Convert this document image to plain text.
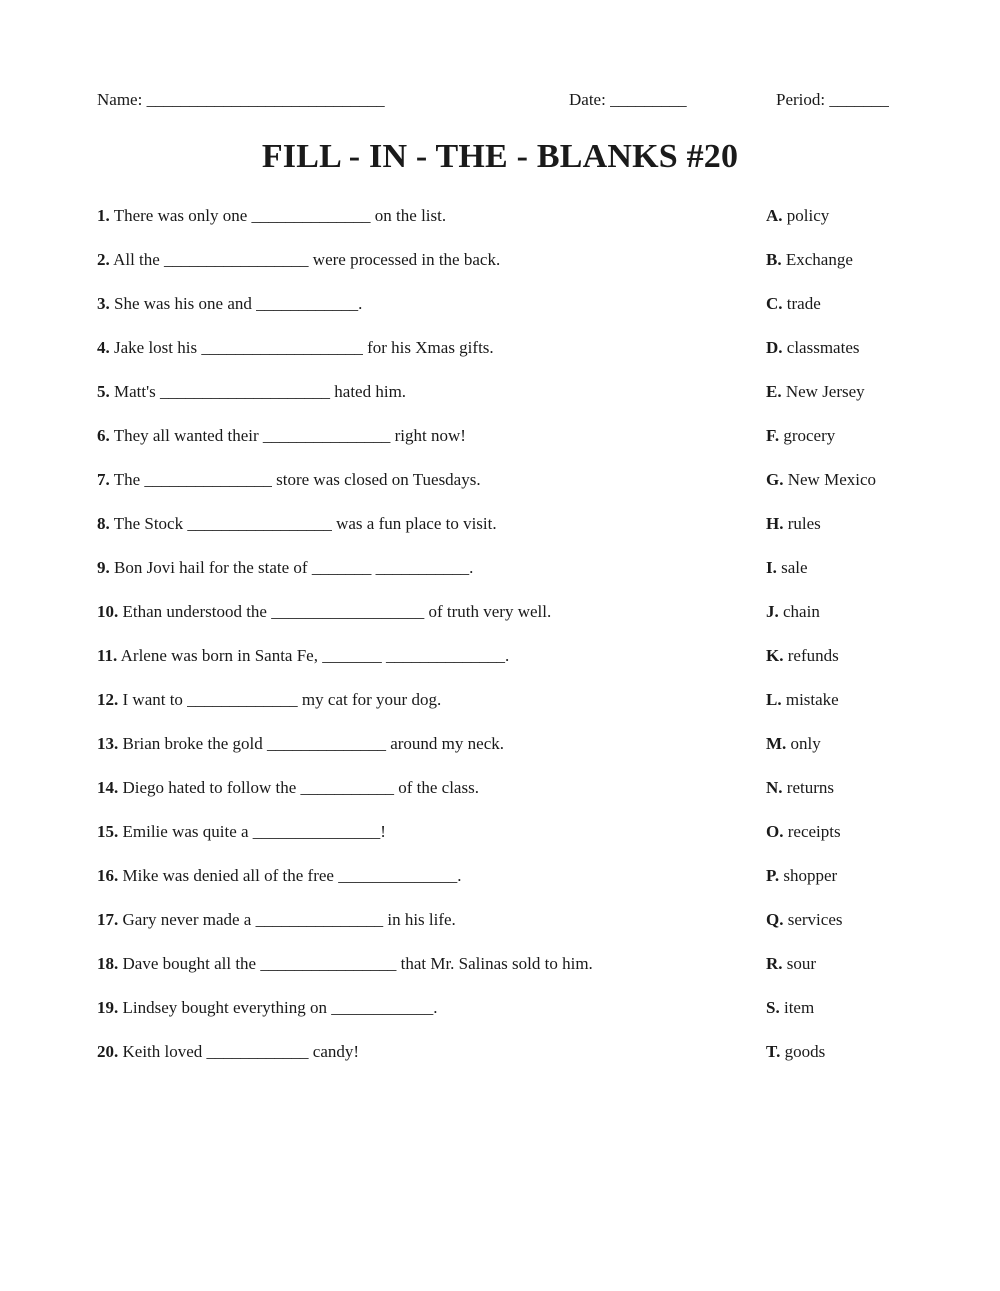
Name: ____________________________	Date: _________	Period: _______
FILL - IN - THE - BLANKS #20
1. There was only one ______________ on the list.
2. All the _________________ were processed in the back.
3. She was his one and ____________.
4. Jake lost his ___________________ for his Xmas gifts.
5. Matt's ____________________ hated him.
6. They all wanted their _______________ right now!
7. The _______________ store was closed on Tuesdays.
8. The Stock _________________ was a fun place to visit.
9. Bon Jovi hail for the state of _______ ___________.
10. Ethan understood the __________________ of truth very well.
11. Arlene was born in Santa Fe, _______ ______________.
12. I want to _____________ my cat for your dog.
13. Brian broke the gold ______________ around my neck.
14. Diego hated to follow the ___________ of the class.
15. Emilie was quite a _______________!
16. Mike was denied all of the free ______________.
17. Gary never made a _______________ in his life.
18. Dave bought all the ________________ that Mr. Salinas sold to him.
19. Lindsey bought everything on ____________.
20. Keith loved ____________ candy!
A. policy
B. Exchange
C. trade
D. classmates
E. New Jersey
F. grocery
G. New Mexico
H. rules
I. sale
J. chain
K. refunds
L. mistake
M. only
N. returns
O. receipts
P. shopper
Q. services
R. sour
S. item
T. goods
